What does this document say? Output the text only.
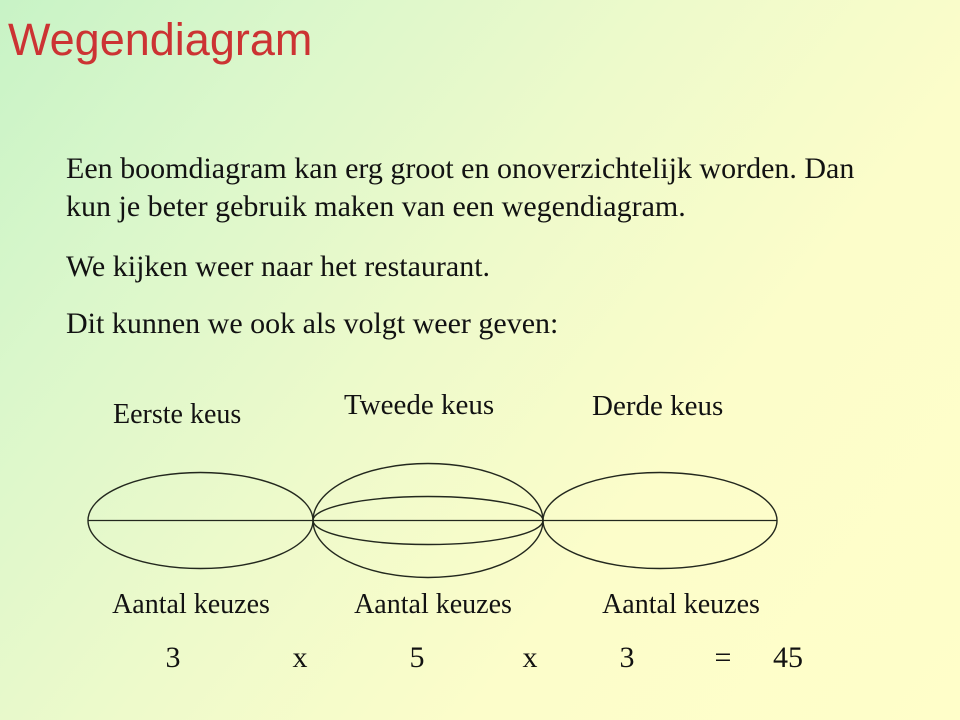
Wegendiagram

Een boomdiagram kan erg groot en onoverzichtelijk worden. Dan

kun je beter gebruik maken van een wegendiagram.

We kijken weer naar het restaurant.

Dit kunnen we ook als volgt weer geven:

Eerste keus	Tweede keus	Derde keus

Aantal keuzes	Aantal keuzes	Aantal keuzes

3	x	5	x	3	= 45
